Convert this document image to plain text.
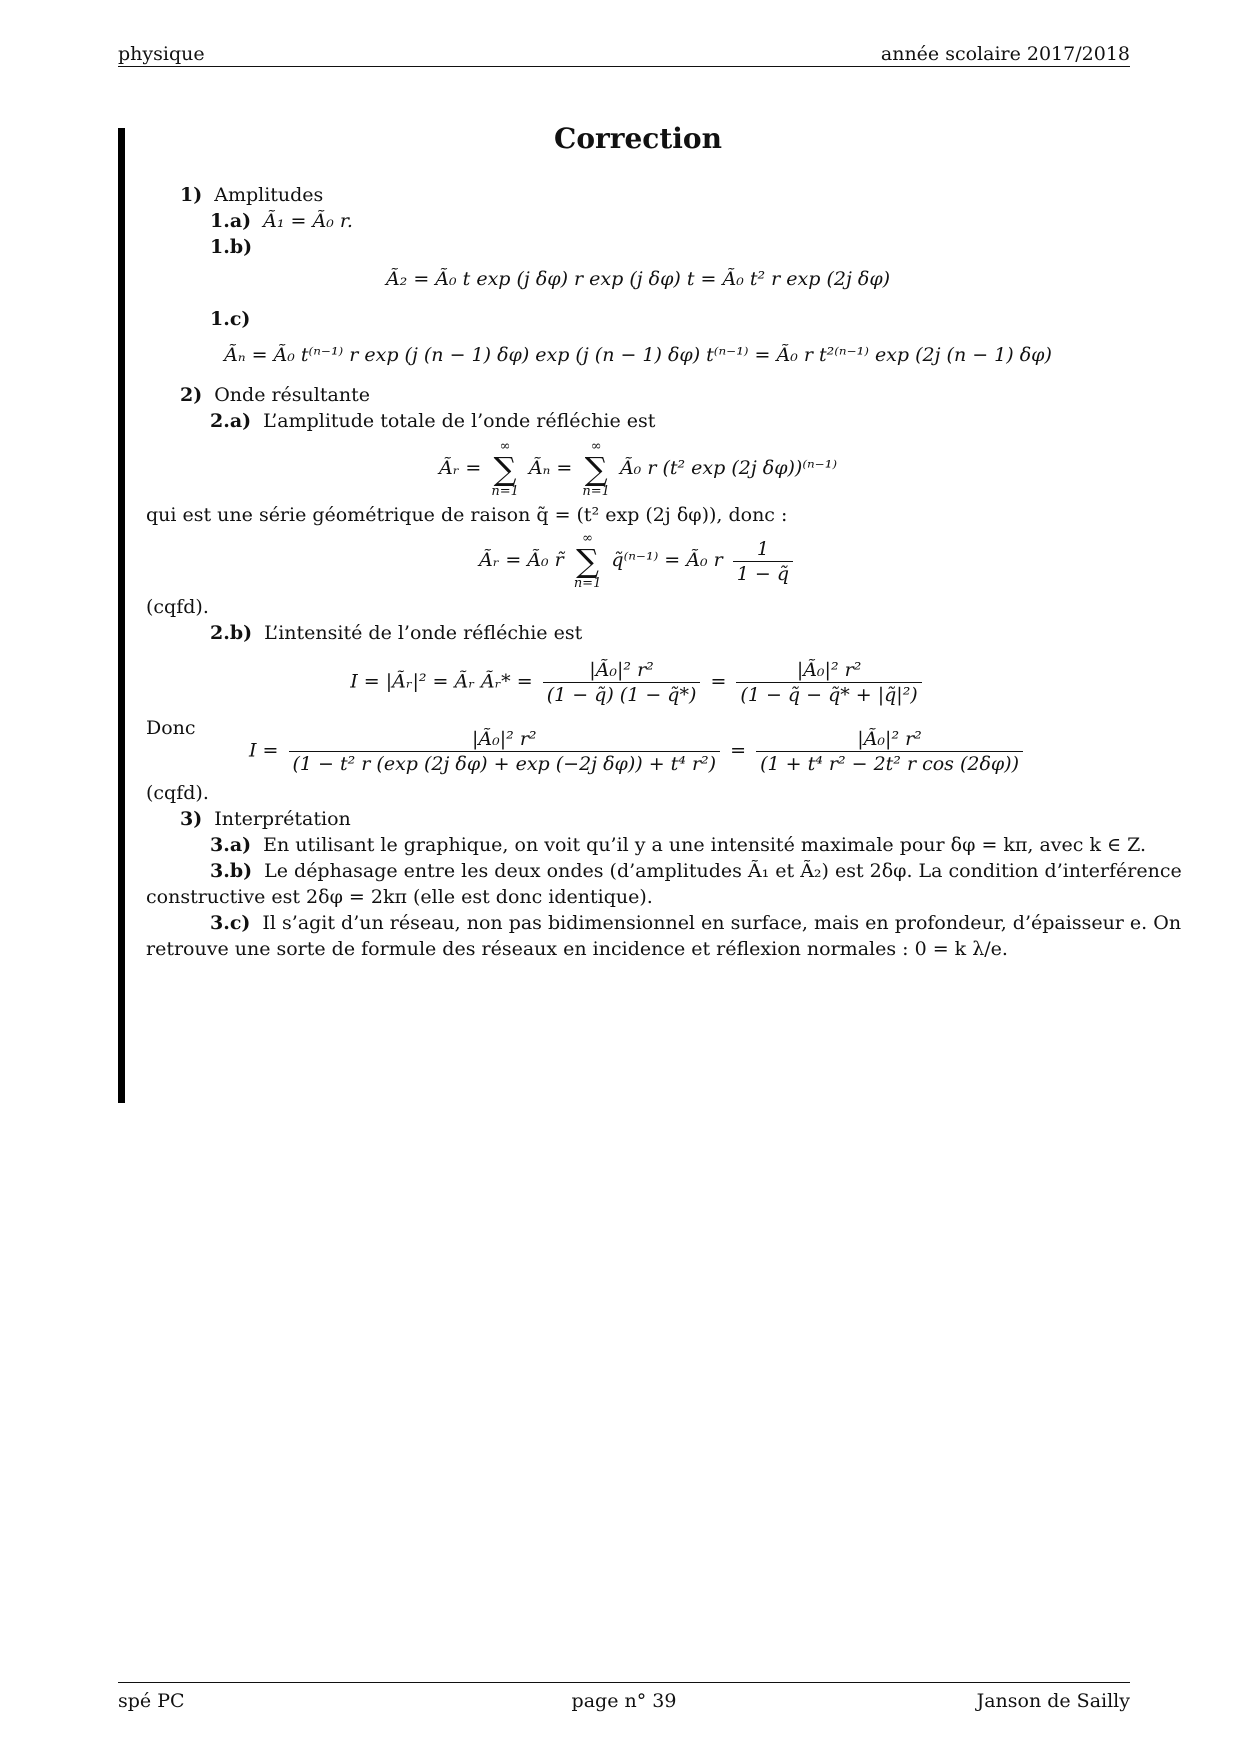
physique	année scolaire 2017/2018
Correction
1) Amplitudes
1.a) Ã₁ = Ã₀ r.
1.b)
Ã₂ = Ã₀ t exp (j δφ) r exp (j δφ) t = Ã₀ t² r exp (2j δφ)
1.c)
Ãₙ = Ã₀ t⁽ⁿ⁻¹⁾ r exp (j (n − 1) δφ) exp (j (n − 1) δφ) t⁽ⁿ⁻¹⁾ = Ã₀ r t²⁽ⁿ⁻¹⁾ exp (2j (n − 1) δφ)
2) Onde résultante
2.a) L’amplitude totale de l’onde réfléchie est
Ãᵣ =
∞
∑
n=1
Ãₙ =
∞
∑
n=1
Ã₀ r (t² exp (2j δφ))⁽ⁿ⁻¹⁾
qui est une série géométrique de raison q̃ = (t² exp (2j δφ)), donc :
Ãᵣ = Ã₀ r̃
∞
∑
n=1
q̃⁽ⁿ⁻¹⁾ = Ã₀ r $\frac{1}{1 - q̃}$
(cqfd).
2.b) L’intensité de l’onde réfléchie est
I = |Ãᵣ|² = Ãᵣ Ãᵣ* = $\frac{\text{|Ã₀|² r²}}{(1 - q̃) (1 - q̃*)} = \frac{\text{|Ã₀|² r²}}{\text{(1 − q̃ − q̃* + |q̃|²)}}$
Donc
$I = \frac{\text{|Ã₀|² r²}}{\text{(1 − t² r (exp (2j δφ) + exp (−2j δφ)) + t⁴ r²)}} = \frac{\text{|Ã₀|² r²}}{\text{(1 + t⁴ r² − 2t² r cos (2δφ))}}$
(cqfd).
3) Interprétation
3.a) En utilisant le graphique, on voit qu’il y a une intensité maximale pour δφ = kπ, avec k ∈ Z.
3.b) Le déphasage entre les deux ondes (d’amplitudes Ã₁ et Ã₂) est 2δφ. La condition d’interférence
constructive est 2δφ = 2kπ (elle est donc identique).
3.c) Il s’agit d’un réseau, non pas bidimensionnel en surface, mais en profondeur, d’épaisseur e. On
retrouve une sorte de formule des réseaux en incidence et réflexion normales : 0 = k λ/e.
spé PC	page n° 39	Janson de Sailly
